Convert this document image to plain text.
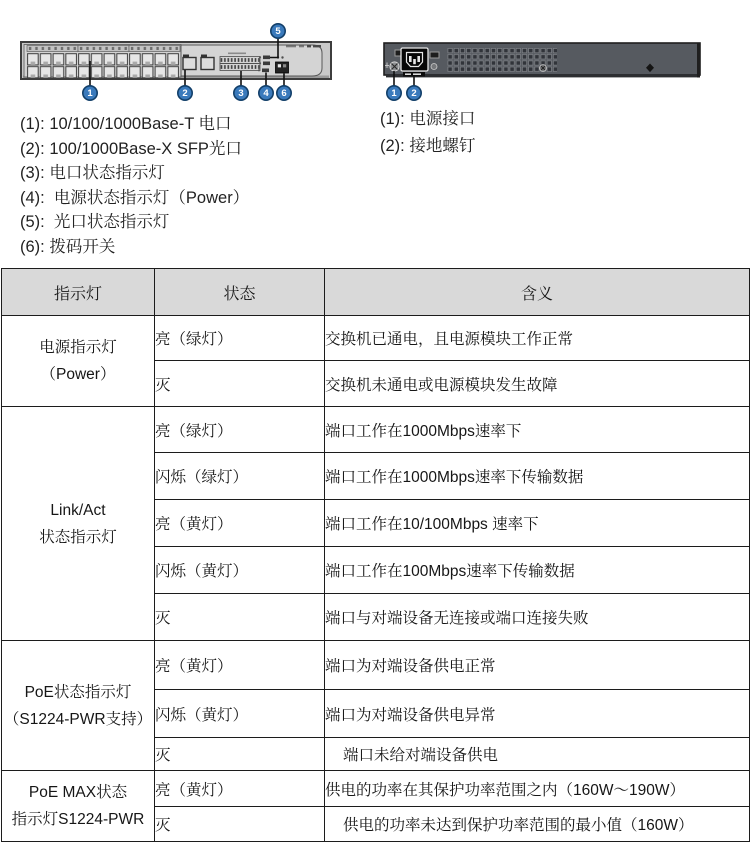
1	2	3 4
5
6	1 2
(1): 10/100/1000Base-T 电口
(2): 100/1000Base-X SFP光口
(3): 电口状态指示灯
(4):  电源状态指示灯（Power）
(5):  光口状态指示灯
(6): 拨码开关
(1): 电源接口
(2): 接地螺钉
指示灯	状态	含义

电源指示灯
（Power）	亮（绿灯）	交换机已通电，且电源模块工作正常
	灭	交换机未通电或电源模块发生故障

Link/Act
状态指示灯	亮（绿灯）	端口工作在1000Mbps速率下
	闪烁（绿灯）	端口工作在1000Mbps速率下传输数据
	亮（黄灯）	端口工作在10/100Mbps 速率下
	闪烁（黄灯）	端口工作在100Mbps速率下传输数据
	灭	端口与对端设备无连接或端口连接失败

PoE状态指示灯
（S1224-PWR支持）	亮（黄灯）	端口为对端设备供电正常
	闪烁（黄灯）	端口为对端设备供电异常
	灭	端口未给对端设备供电

PoE MAX状态
指示灯S1224-PWR	亮（黄灯）	供电的功率在其保护功率范围之内（160W～190W）
	灭	供电的功率未达到保护功率范围的最小值（160W）
